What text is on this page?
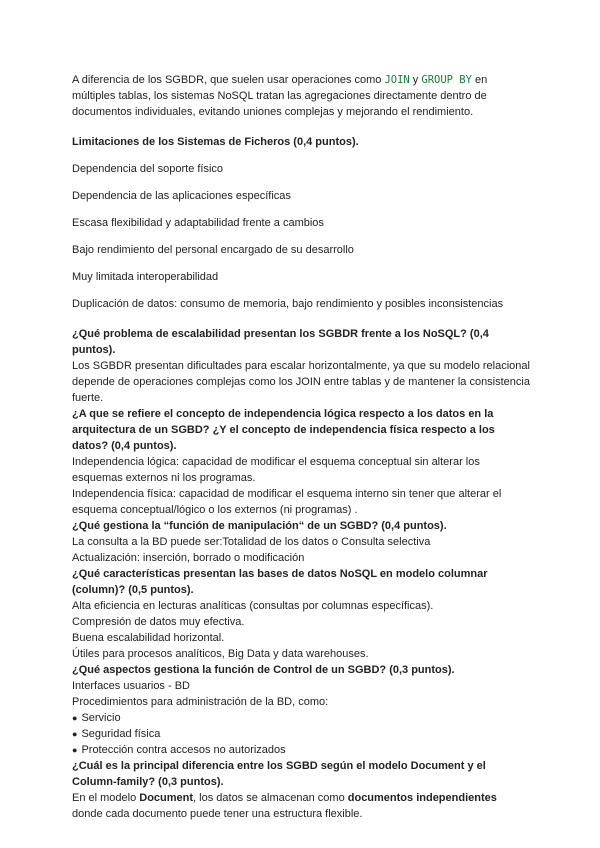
A diferencia de los SGBDR, que suelen usar operaciones como JOIN y GROUP BY en múltiples tablas, los sistemas NoSQL tratan las agregaciones directamente dentro de documentos individuales, evitando uniones complejas y mejorando el rendimiento.

Limitaciones de los Sistemas de Ficheros (0,4 puntos).

Dependencia del soporte físico

Dependencia de las aplicaciones específicas

Escasa flexibilidad y adaptabilidad frente a cambios

Bajo rendimiento del personal encargado de su desarrollo

Muy limitada interoperabilidad

Duplicación de datos: consumo de memoria, bajo rendimiento y posibles inconsistencias

¿Qué problema de escalabilidad presentan los SGBDR frente a los NoSQL? (0,4 puntos).

Los SGBDR presentan dificultades para escalar horizontalmente, ya que su modelo relacional depende de operaciones complejas como los JOIN entre tablas y de mantener la consistencia fuerte.

¿A que se refiere el concepto de independencia lógica respecto a los datos en la arquitectura de un SGBD? ¿Y el concepto de independencia física respecto a los datos? (0,4 puntos).

Independencia lógica: capacidad de modificar el esquema conceptual sin alterar los esquemas externos ni los programas.

Independencia física: capacidad de modificar el esquema interno sin tener que alterar el esquema conceptual/lógico o los externos (ni programas) .

¿Qué gestiona la “función de manipulación“ de un SGBD? (0,4 puntos).

La consulta a la BD puede ser:Totalidad de los datos o Consulta selectiva

Actualización: inserción, borrado o modificación

¿Qué características presentan las bases de datos NoSQL en modelo columnar (column)? (0,5 puntos).

Alta eficiencia en lecturas analíticas (consultas por columnas específicas).

Compresión de datos muy efectiva.

Buena escalabilidad horizontal.

Útiles para procesos analíticos, Big Data y data warehouses.

¿Qué aspectos gestiona la función de Control de un SGBD? (0,3 puntos).

Interfaces usuarios - BD

Procedimientos para administración de la BD, como:

● Servicio
● Seguridad física
● Protección contra accesos no autorizados
¿Cuál es la principal diferencia entre los SGBD según el modelo Document y el Column-family? (0,3 puntos).

En el modelo Document, los datos se almacenan como documentos independientes donde cada documento puede tener una estructura flexible.
